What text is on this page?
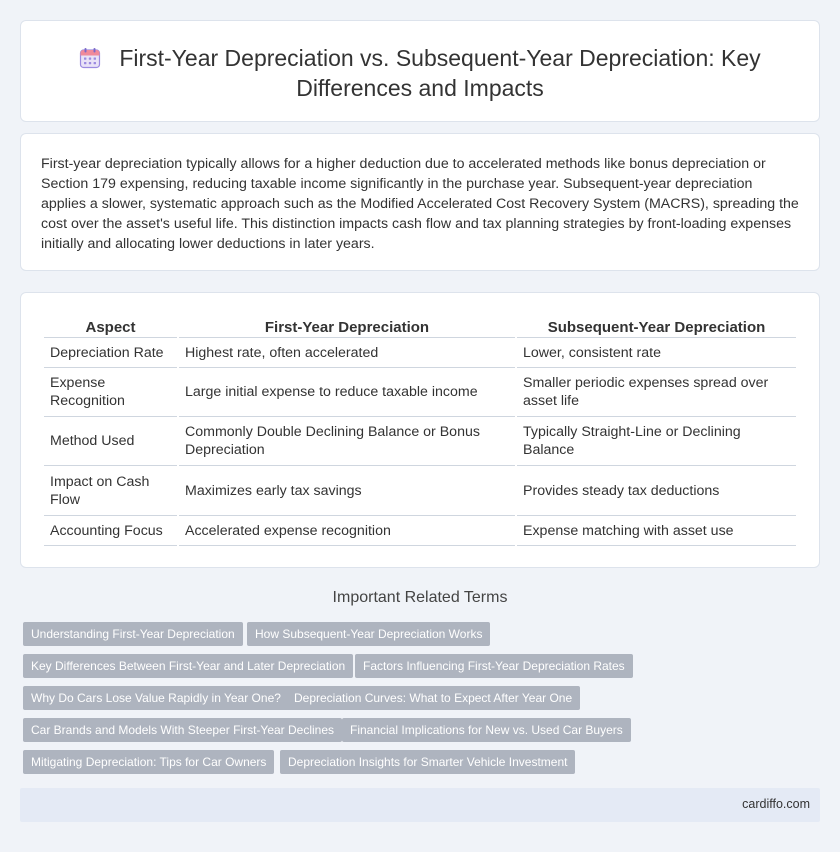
First-Year Depreciation vs. Subsequent-Year Depreciation: Key
Differences and Impacts

First-year depreciation typically allows for a higher deduction due to accelerated methods like bonus depreciation or Section 179 expensing, reducing taxable income significantly in the purchase year. Subsequent-year depreciation applies a slower, systematic approach such as the Modified Accelerated Cost Recovery System (MACRS), spreading the cost over the asset's useful life. This distinction impacts cash flow and tax planning strategies by front-loading expenses initially and allocating lower deductions in later years.

Aspect	First-Year Depreciation	Subsequent-Year Depreciation
Depreciation Rate	Highest rate, often accelerated	Lower, consistent rate
Expense Recognition	Large initial expense to reduce taxable income	Smaller periodic expenses spread over asset life
Method Used	Commonly Double Declining Balance or Bonus Depreciation	Typically Straight-Line or Declining Balance
Impact on Cash Flow	Maximizes early tax savings	Provides steady tax deductions
Accounting Focus	Accelerated expense recognition	Expense matching with asset use
Important Related Terms
Understanding First-Year Depreciation	How Subsequent-Year Depreciation Works
Key Differences Between First-Year and Later Depreciation	Factors Influencing First-Year Depreciation Rates
Why Do Cars Lose Value Rapidly in Year One?	Depreciation Curves: What to Expect After Year One
Car Brands and Models With Steeper First-Year Declines	Financial Implications for New vs. Used Car Buyers
Mitigating Depreciation: Tips for Car Owners	Depreciation Insights for Smarter Vehicle Investment
cardiffo.com
